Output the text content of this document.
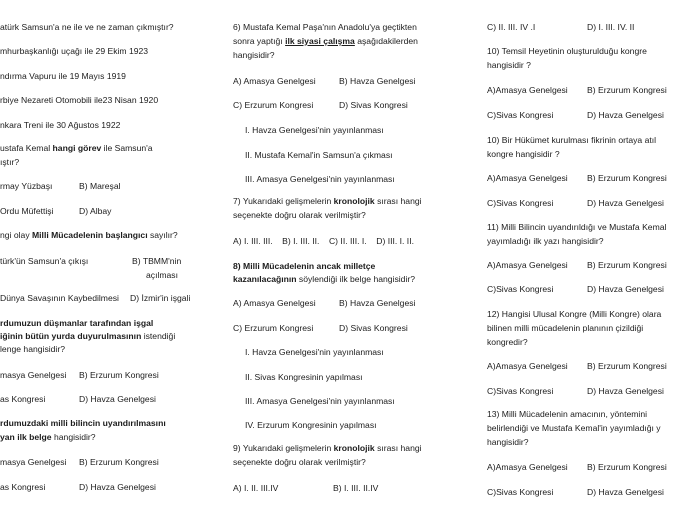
atürk Samsun'a ne ile ve ne zaman çıkmıştır?
mhurbaşkanlığı uçağı ile 29 Ekim 1923
ndırma Vapuru ile 19 Mayıs 1919
rbiye Nezareti Otomobili ile23 Nisan 1920
nkara Treni ile 30 Ağustos 1922
ustafa Kemal hangi görev ile Samsun'a
ıştır?
rmay Yüzbaşı	B) Mareşal
Ordu Müfettişi	D) Albay
ngi olay Milli Mücadelenin başlangıcı sayılır?
türk'ün Samsun'a çıkışı	B) TBMM'nin
açılması
Dünya Savaşının Kaybedilmesi D) İzmir'in işgali
rdumuzun düşmanlar tarafından işgal
iğinin bütün yurda duyurulmasının istendiği
lenge hangisidir?
masya Genelgesi B) Erzurum Kongresi
as Kongresi	D) Havza Genelgesi
rdumuzdaki milli bilincin uyandırılmasını
yan ilk belge hangisidir?
masya Genelgesi B) Erzurum Kongresi
as Kongresi	D) Havza Genelgesi
6) Mustafa Kemal Paşa'nın Anadolu'ya geçtikten
sonra yaptığı ilk siyasi çalışma aşağıdakilerden
hangisidir?
A) Amasya Genelgesi	B) Havza Genelgesi
C) Erzurum Kongresi	D) Sivas Kongresi
I. Havza Genelgesi'nin yayınlanması
II. Mustafa Kemal'in Samsun'a çıkması
III. Amasya Genelgesi'nin yayınlanması
7) Yukarıdaki gelişmelerin kronolojik sırası hangi
seçenekte doğru olarak verilmiştir?
A) I. III. III.    B) I. III. II.    C) II. III. I.    D) III. I. II.
8) Milli Mücadelenin ancak milletçe
kazanılacağının söylendiği ilk belge hangisidir?
A) Amasya Genelgesi	B) Havza Genelgesi
C) Erzurum Kongresi	D) Sivas Kongresi
I. Havza Genelgesi'nin yayınlanması
II. Sivas Kongresinin yapılması
III. Amasya Genelgesi'nin yayınlanması
IV. Erzurum Kongresinin yapılması
9) Yukarıdaki gelişmelerin kronolojik sırası hangi
seçenekte doğru olarak verilmiştir?
A) I. II. III.IV	B) I. III. II.IV
C) II. III. IV .I	D) I. III. IV. II
10) Temsil Heyetinin oluşturulduğu kongre
hangisidir ?
A)Amasya Genelgesi B) Erzurum Kongresi
C)Sivas Kongresi	D) Havza Genelgesi
10) Bir Hükümet kurulması fikrinin ortaya atıl
kongre hangisidir ?
A)Amasya Genelgesi B) Erzurum Kongresi
C)Sivas Kongresi	D) Havza Genelgesi
11) Milli Bilincin uyandırıldığı ve Mustafa Kemal
yayımladığı ilk yazı hangisidir?
A)Amasya Genelgesi B) Erzurum Kongresi
C)Sivas Kongresi	D) Havza Genelgesi
12) Hangisi Ulusal Kongre (Milli Kongre) olara
bilinen milli mücadelenin planının çizildiği
kongredir?
A)Amasya Genelgesi B) Erzurum Kongresi
C)Sivas Kongresi	D) Havza Genelgesi
13) Milli Mücadelenin amacının, yöntemini
belirlendiği ve Mustafa Kemal'in yayımladığı y
hangisidir?
A)Amasya Genelgesi B) Erzurum Kongresi
C)Sivas Kongresi	D) Havza Genelgesi
